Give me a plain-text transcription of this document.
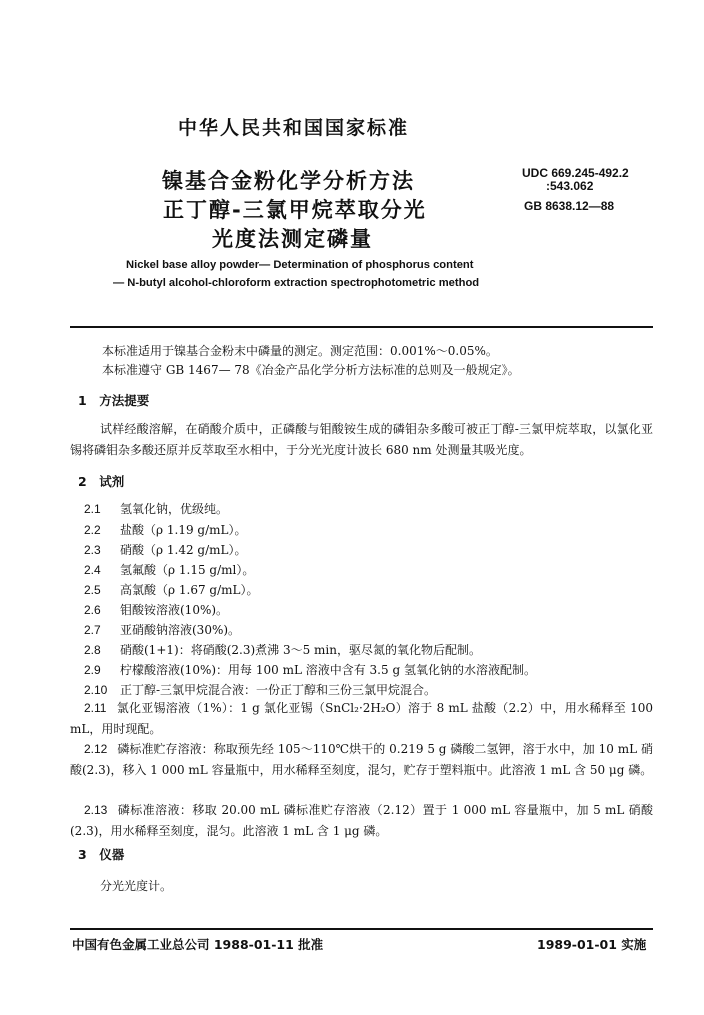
中华人民共和国国家标准
镍基合金粉化学分析方法
正丁醇-三氯甲烷萃取分光
光度法测定磷量
UDC 669.245-492.2
:543.062
GB 8638.12—88
Nickel base alloy powder— Determination of phosphorus content
— N-butyl alcohol-chloroform extraction spectrophotometric method
本标准适用于镍基合金粉末中磷量的测定。测定范围：0.001%～0.05%。
本标准遵守 GB 1467— 78《冶金产品化学分析方法标准的总则及一般规定》。
1　方法提要
试样经酸溶解，在硝酸介质中，正磷酸与钼酸铵生成的磷钼杂多酸可被正丁醇-三氯甲烷萃取，以氯化亚锡将磷钼杂多酸还原并反萃取至水相中，于分光光度计波长 680 nm 处测量其吸光度。
2　试剂
2.1 氢氧化钠，优级纯。
2.2 盐酸（ρ 1.19 g/mL）。
2.3 硝酸（ρ 1.42 g/mL）。
2.4 氢氟酸（ρ 1.15 g/ml）。
2.5 高氯酸（ρ 1.67 g/mL）。
2.6 钼酸铵溶液(10%)。
2.7 亚硝酸钠溶液(30%)。
2.8 硝酸(1+1)：将硝酸(2.3)煮沸 3～5 min，驱尽氮的氧化物后配制。
2.9 柠檬酸溶液(10%)：用每 100 mL 溶液中含有 3.5 g 氢氧化钠的水溶液配制。
2.10 正丁醇-三氯甲烷混合液：一份正丁醇和三份三氯甲烷混合。
2.11 氯化亚锡溶液（1%）：1 g 氯化亚锡（SnCl₂·2H₂O）溶于 8 mL 盐酸（2.2）中，用水稀释至 100 mL，用时现配。
2.12 磷标准贮存溶液：称取预先经 105～110℃烘干的 0.219 5 g 磷酸二氢钾，溶于水中，加 10 mL 硝酸(2.3)，移入 1 000 mL 容量瓶中，用水稀释至刻度，混匀，贮存于塑料瓶中。此溶液 1 mL 含 50 μg 磷。
2.13 磷标准溶液：移取 20.00 mL 磷标准贮存溶液（2.12）置于 1 000 mL 容量瓶中，加 5 mL 硝酸(2.3)，用水稀释至刻度，混匀。此溶液 1 mL 含 1 μg 磷。
3　仪器
分光光度计。
中国有色金属工业总公司 1988-01-11 批准	1989-01-01 实施
